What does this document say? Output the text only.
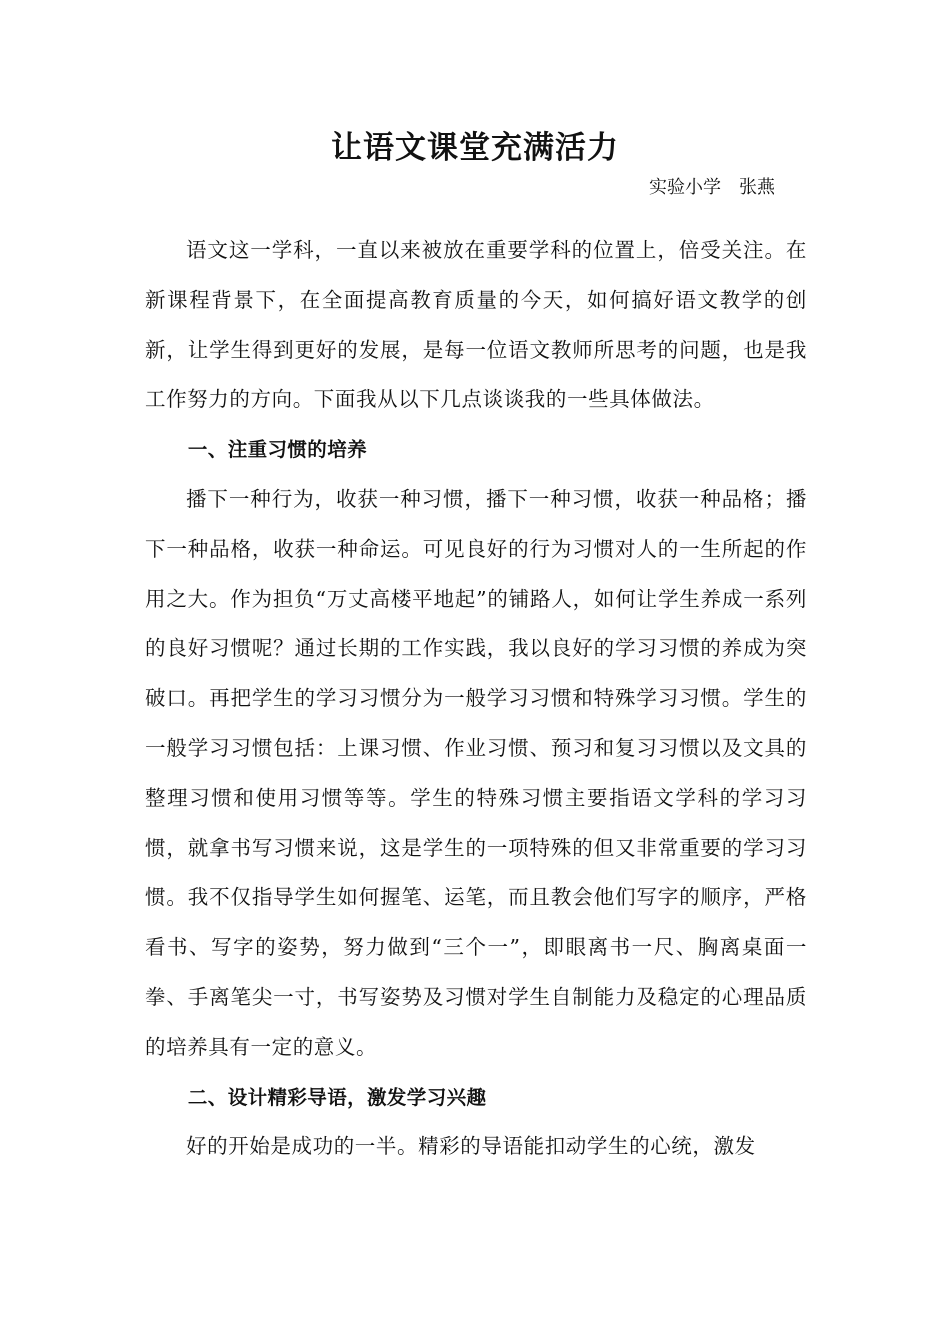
让语文课堂充满活力
实验小学　张燕

语文这一学科，一直以来被放在重要学科的位置上，倍受关注。在新课程背景下，在全面提高教育质量的今天，如何搞好语文教学的创新，让学生得到更好的发展，是每一位语文教师所思考的问题，也是我工作努力的方向。下面我从以下几点谈谈我的一些具体做法。

一、注重习惯的培养

播下一种行为，收获一种习惯，播下一种习惯，收获一种品格；播下一种品格，收获一种命运。可见良好的行为习惯对人的一生所起的作用之大。作为担负“万丈高楼平地起”的铺路人，如何让学生养成一系列的良好习惯呢？通过长期的工作实践，我以良好的学习习惯的养成为突破口。再把学生的学习习惯分为一般学习习惯和特殊学习习惯。学生的一般学习习惯包括：上课习惯、作业习惯、预习和复习习惯以及文具的整理习惯和使用习惯等等。学生的特殊习惯主要指语文学科的学习习惯，就拿书写习惯来说，这是学生的一项特殊的但又非常重要的学习习惯。我不仅指导学生如何握笔、运笔，而且教会他们写字的顺序，严格看书、写字的姿势，努力做到“三个一”，即眼离书一尺、胸离桌面一拳、手离笔尖一寸，书写姿势及习惯对学生自制能力及稳定的心理品质的培养具有一定的意义。

二、设计精彩导语，激发学习兴趣

好的开始是成功的一半。精彩的导语能扣动学生的心统，激发
